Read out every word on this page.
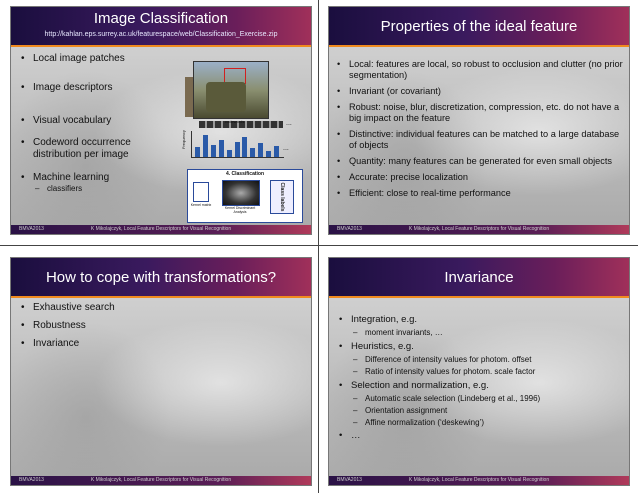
Image Classification
http://kahlan.eps.surrey.ac.uk/featurespace/web/Classification_Exercise.zip
• Local image patches
• Image descriptors
• Visual vocabulary
• Codeword occurrence distribution per image
• Machine learning
– classifiers
codewords	...
Frequency	...
4. Classification
Kernel matrix
Kernel Discriminant Analysis
Class labels
BMVA2013	K Mikolajczyk, Local Feature Descriptors for Visual Recognition
Properties of the ideal feature
• Local: features are local, so robust to occlusion and clutter (no prior segmentation)
• Invariant (or covariant)
• Robust: noise, blur, discretization, compression, etc. do not have a big impact on the feature
• Distinctive: individual features can be matched to a large database of objects
• Quantity: many features can be generated for even small objects
• Accurate: precise localization
• Efficient: close to real-time performance
BMVA2013	K Mikolajczyk, Local Feature Descriptors for Visual Recognition
How to cope with transformations?
• Exhaustive search
• Robustness
• Invariance
BMVA2013	K Mikolajczyk, Local Feature Descriptors for Visual Recognition
Invariance
• Integration, e.g.
– moment invariants, …
• Heuristics, e.g.
– Difference of intensity values for photom. offset
– Ratio of intensity values for photom. scale factor
• Selection and normalization, e.g.
– Automatic scale selection (Lindeberg et al., 1996)
– Orientation assignment
– Affine normalization (‘deskewing’)
• …
BMVA2013	K Mikolajczyk, Local Feature Descriptors for Visual Recognition
